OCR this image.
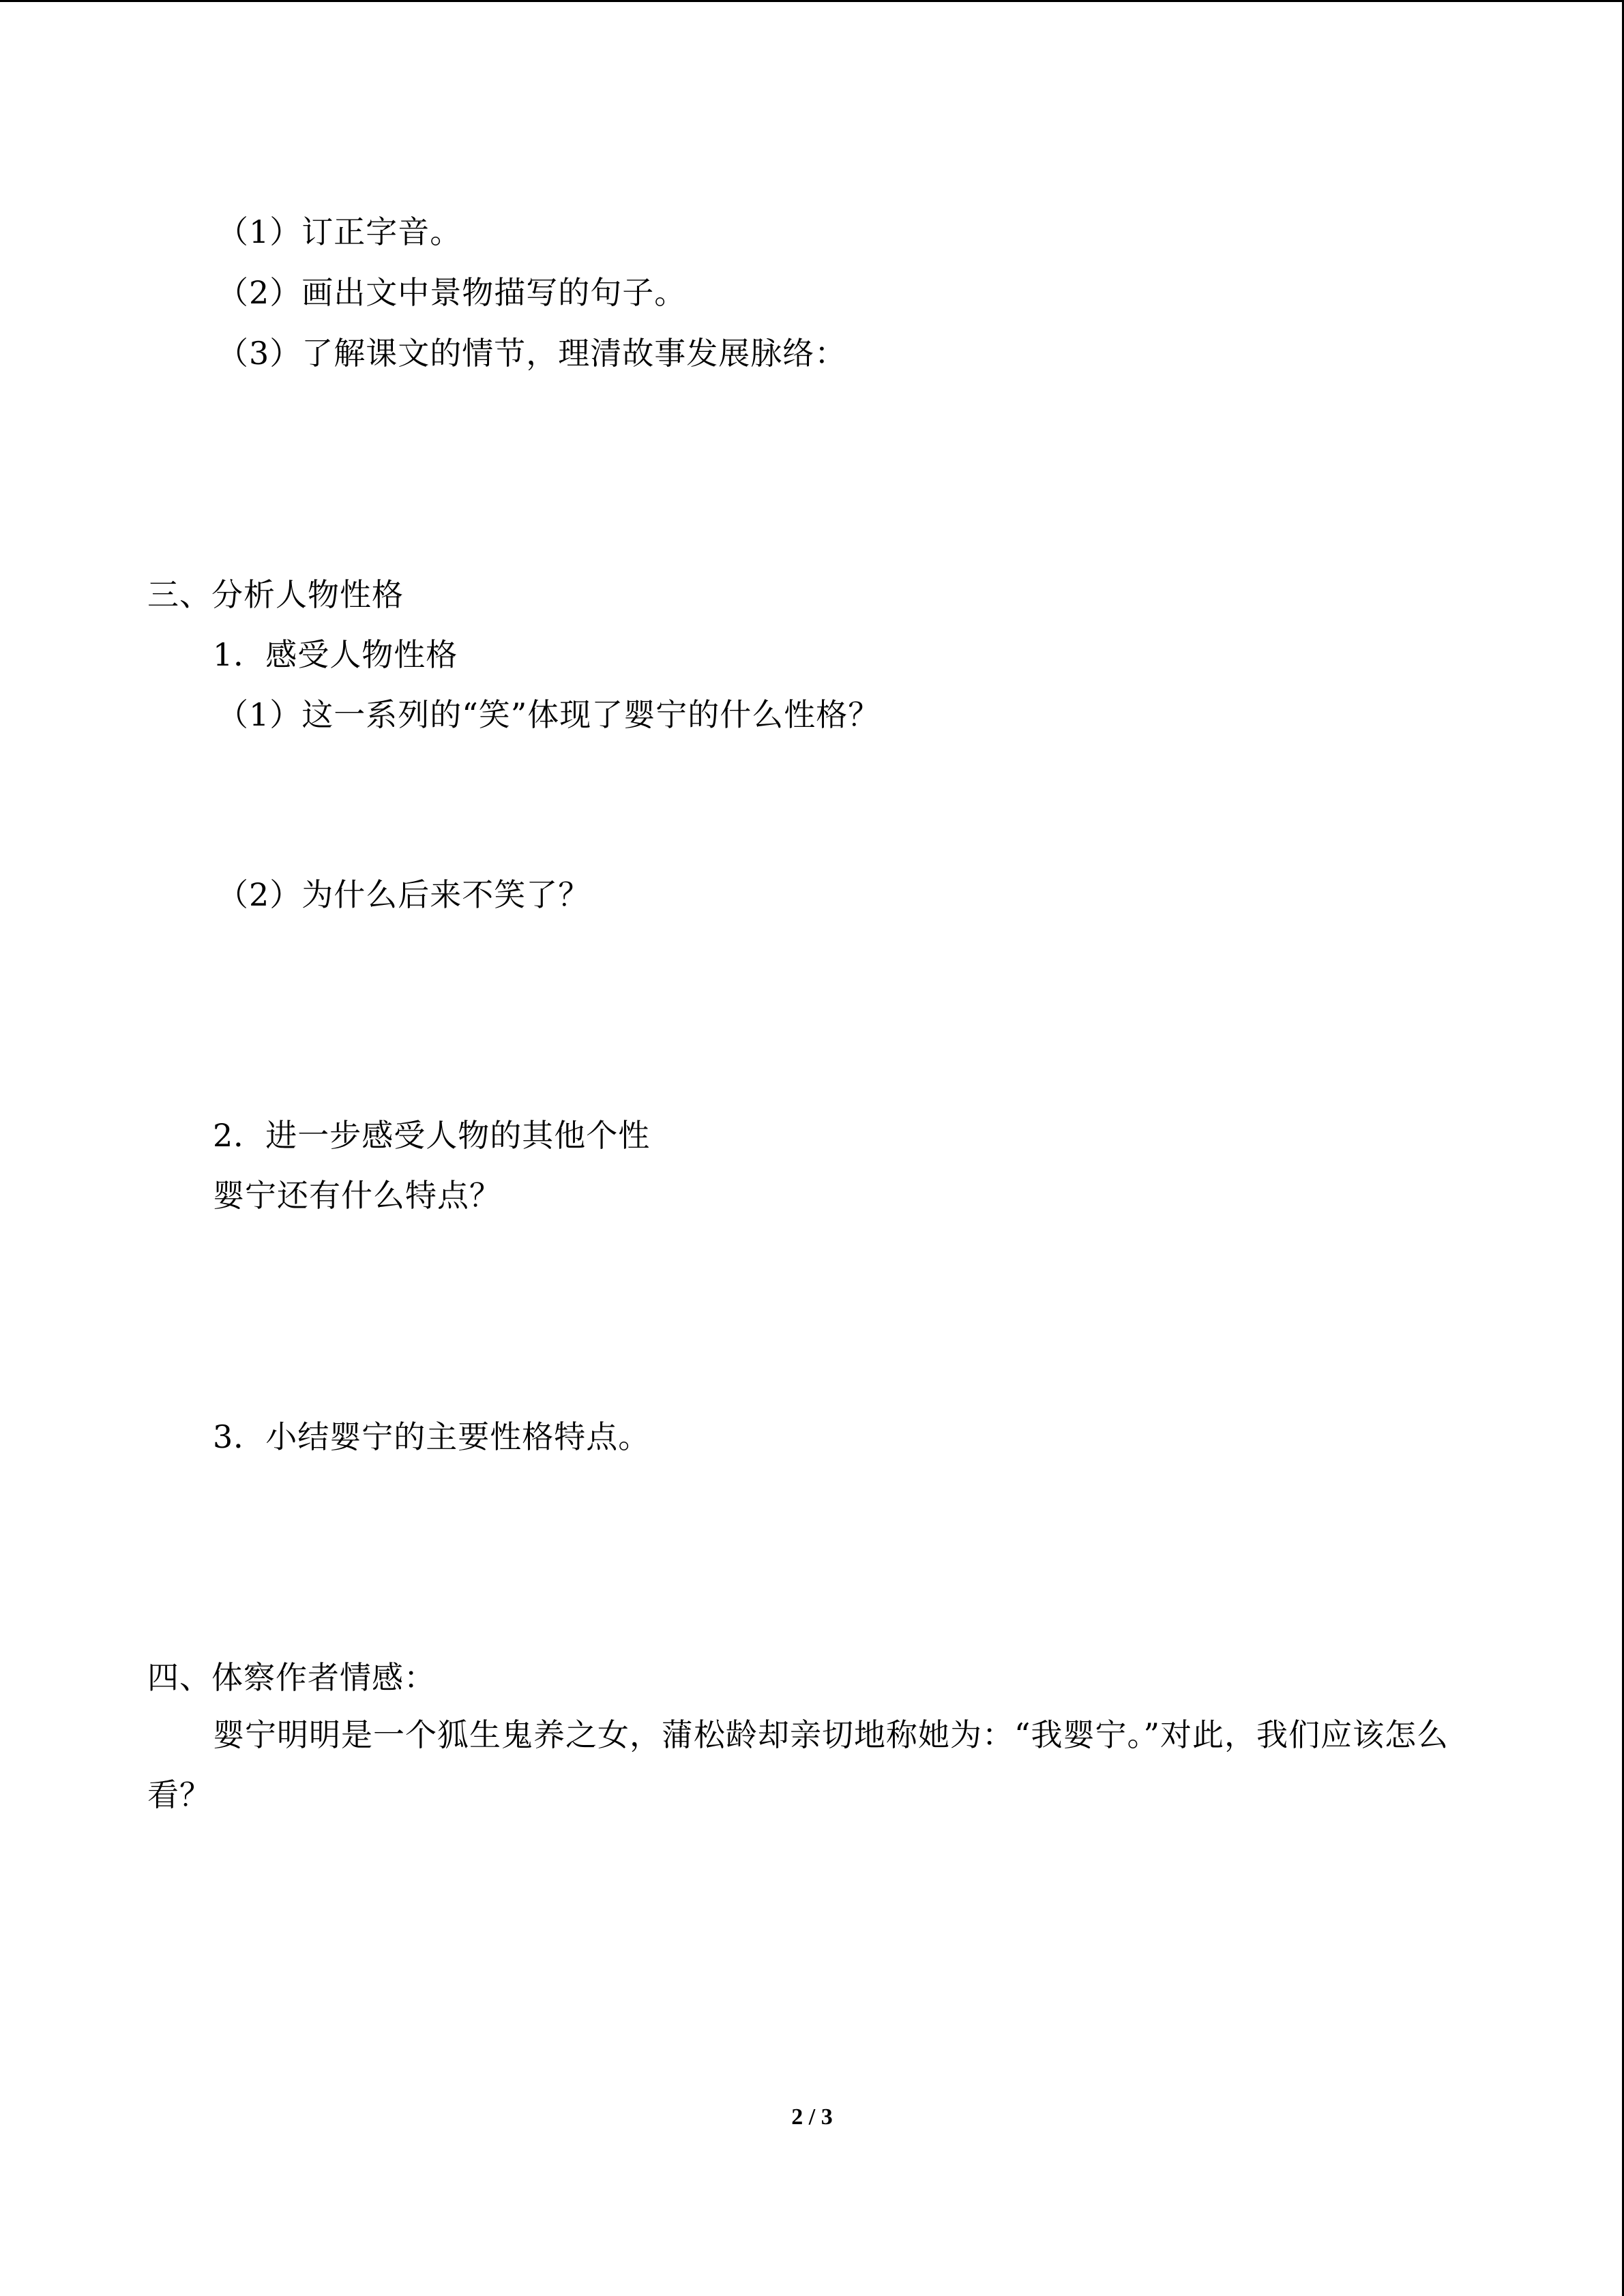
（1）订正字音。
（2）画出文中景物描写的句子。
（3）了解课文的情节，理清故事发展脉络：
三、分析人物性格
1．感受人物性格
（1）这一系列的“笑”体现了婴宁的什么性格？
（2）为什么后来不笑了？
2．进一步感受人物的其他个性
婴宁还有什么特点？
3．小结婴宁的主要性格特点。
四、体察作者情感：
婴宁明明是一个狐生鬼养之女，蒲松龄却亲切地称她为：“我婴宁。”对此，我们应该怎么看？
2 / 3
